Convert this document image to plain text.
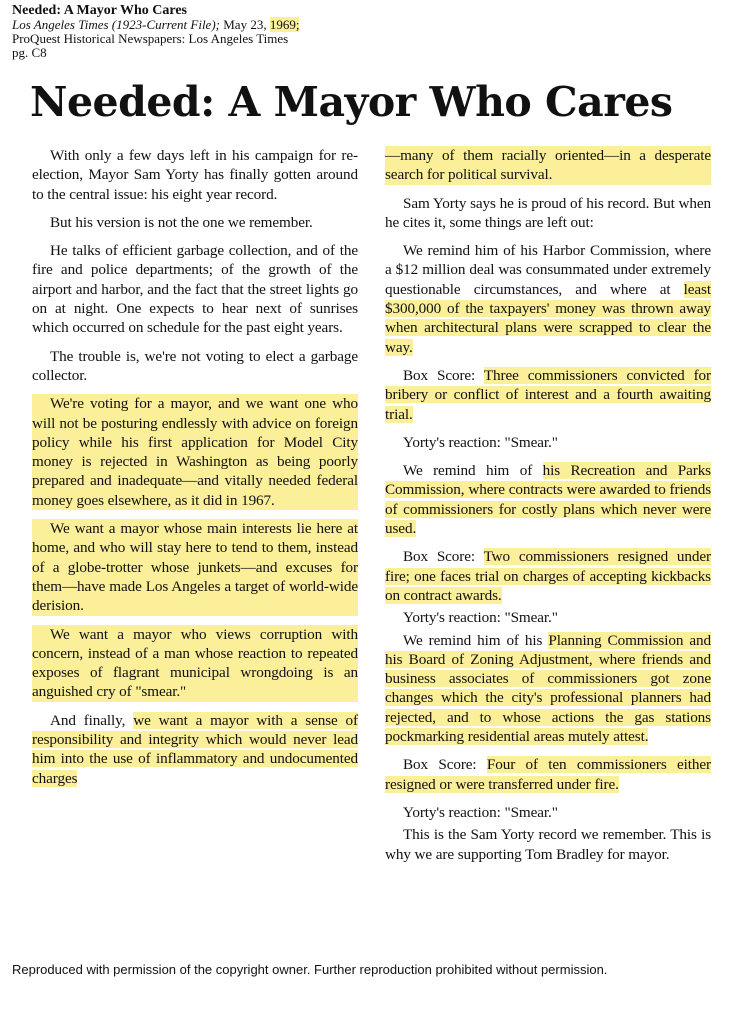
Needed: A Mayor Who Cares
Los Angeles Times (1923-Current File); May 23, 1969;
ProQuest Historical Newspapers: Los Angeles Times
pg. C8
Needed: A Mayor Who Cares

With only a few days left in his campaign for re-election, Mayor Sam Yorty has finally gotten around to the central issue: his eight year record.

But his version is not the one we remember.

He talks of efficient garbage collection, and of the fire and police departments; of the growth of the airport and harbor, and the fact that the street lights go on at night. One expects to hear next of sunrises which occurred on schedule for the past eight years.

The trouble is, we're not voting to elect a garbage collector.

We're voting for a mayor, and we want one who will not be posturing endlessly with advice on foreign policy while his first application for Model City money is rejected in Washington as being poorly prepared and inadequate—and vitally needed federal money goes elsewhere, as it did in 1967.

We want a mayor whose main interests lie here at home, and who will stay here to tend to them, instead of a globe-trotter whose junkets—and excuses for them—have made Los Angeles a target of world-wide derision.

We want a mayor who views corruption with concern, instead of a man whose reaction to repeated exposes of flagrant municipal wrongdoing is an anguished cry of "smear."

And finally, we want a mayor with a sense of responsibility and integrity which would never lead him into the use of inflammatory and undocumented charges

—many of them racially oriented—in a desperate search for political survival.

Sam Yorty says he is proud of his record. But when he cites it, some things are left out:

We remind him of his Harbor Commission, where a $12 million deal was consummated under extremely questionable circumstances, and where at least $300,000 of the taxpayers' money was thrown away when architectural plans were scrapped to clear the way.

Box Score: Three commissioners convicted for bribery or conflict of interest and a fourth awaiting trial.

Yorty's reaction: "Smear."

We remind him of his Recreation and Parks Commission, where contracts were awarded to friends of commissioners for costly plans which never were used.

Box Score: Two commissioners resigned under fire; one faces trial on charges of accepting kickbacks on contract awards.

Yorty's reaction: "Smear."

We remind him of his Planning Commission and his Board of Zoning Adjustment, where friends and business associates of commissioners got zone changes which the city's professional planners had rejected, and to whose actions the gas stations pockmarking residential areas mutely attest.

Box Score: Four of ten commissioners either resigned or were transferred under fire.

Yorty's reaction: "Smear."

This is the Sam Yorty record we remember. This is why we are supporting Tom Bradley for mayor.

Reproduced with permission of the copyright owner. Further reproduction prohibited without permission.
